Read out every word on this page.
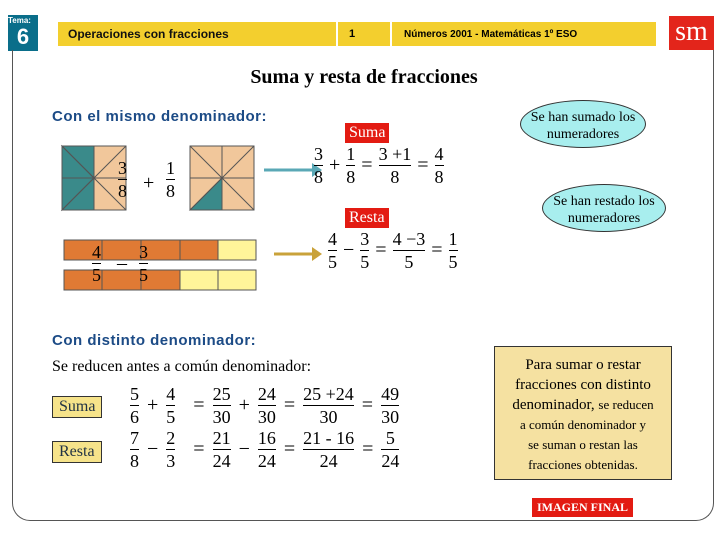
Tema:
6	Operaciones con fracciones	1	Números 2001 - Matemáticas 1º ESO	sm
Suma y resta de fracciones
Con el mismo denominador:
3
8 +
1
8
4
5
– 3
5
Suma
Resta
$\frac{3}{8} + \frac{1}{8} = \frac{3 +1}{8} = \frac{4}{8}$
$\frac{4}{5} - \frac{3}{5} = \frac{4 -3}{5} = \frac{1}{5}$
Se han sumado los numeradores
Se han restado los numeradores
Con distinto denominador:
Se reducen antes a común denominador:
Suma
Resta
$\frac{5}{6} + \frac{4}{5} = \frac{25}{30} + \frac{24}{30} = \frac{25 +24}{30} = \frac{49}{30}$
$\frac{7}{8} - \frac{2}{3} = \frac{21}{24} - \frac{16}{24} = \frac{21 - 16}{24} = \frac{5}{24}$
Para sumar o restar
fracciones con distinto
denominador, se reducen
a común denominador y
se suman o restan las
fracciones obtenidas.
IMAGEN FINAL
